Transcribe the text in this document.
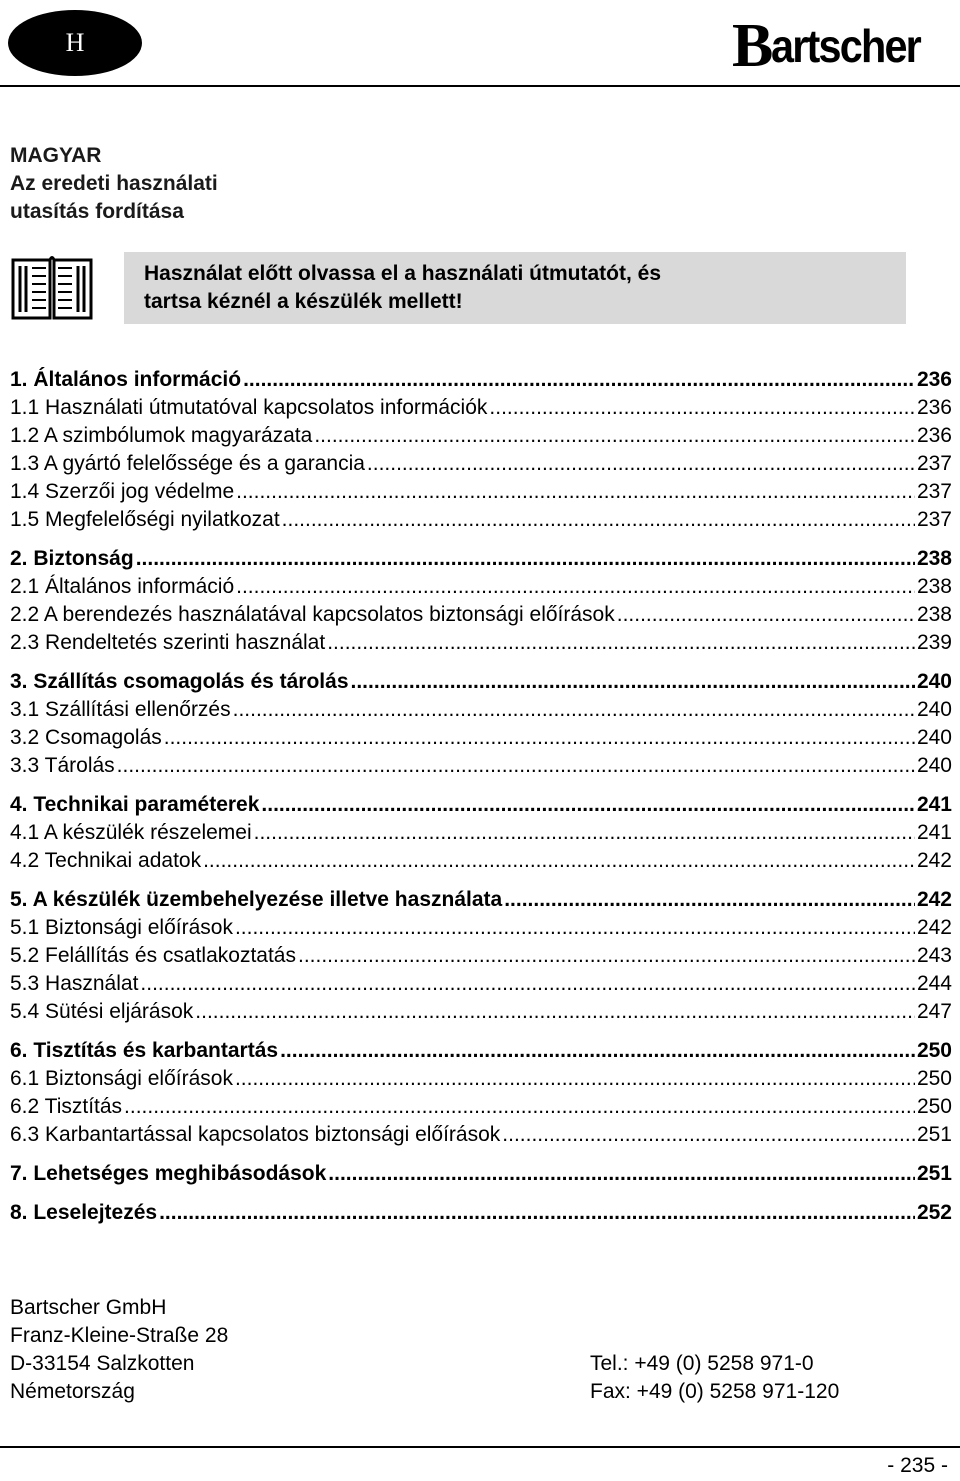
H	B artscher
MAGYAR
Az eredeti használati
utasítás fordítása
Használat előtt olvassa el a használati útmutatót, és
tartsa kéznél a készülék mellett!
1. Általános információ .....	236
1.1 Használati útmutatóval kapcsolatos információk .....	236
1.2 A szimbólumok magyarázata .....	236
1.3 A gyártó felelőssége és a garancia .....	237
1.4 Szerzői jog védelme .....	237
1.5 Megfelelőségi nyilatkozat .....	237
2. Biztonság .....	238
2.1 Általános információ .....	238
2.2 A berendezés használatával kapcsolatos biztonsági előírások .....	238
2.3 Rendeltetés szerinti használat .....	239
3. Szállítás csomagolás és tárolás .....	240
3.1 Szállítási ellenőrzés .....	240
3.2 Csomagolás .....	240
3.3 Tárolás .....	240
4. Technikai paraméterek .....	241
4.1 A készülék részelemei .....	241
4.2 Technikai adatok .....	242
5. A készülék üzembehelyezése illetve használata .....	242
5.1 Biztonsági előírások .....	242
5.2 Felállítás és csatlakoztatás .....	243
5.3 Használat .....	244
5.4 Sütési eljárások .....	247
6. Tisztítás és karbantartás .....	250
6.1 Biztonsági előírások .....	250
6.2 Tisztítás .....	250
6.3 Karbantartással kapcsolatos biztonsági előírások .....	251
7. Lehetséges meghibásodások .....	251
8. Leselejtezés .....	252
Bartscher GmbH
Franz-Kleine-Straße 28
D-33154 Salzkotten	Tel.: +49 (0) 5258 971-0
Németország	Fax: +49 (0) 5258 971-120
- 235 -
